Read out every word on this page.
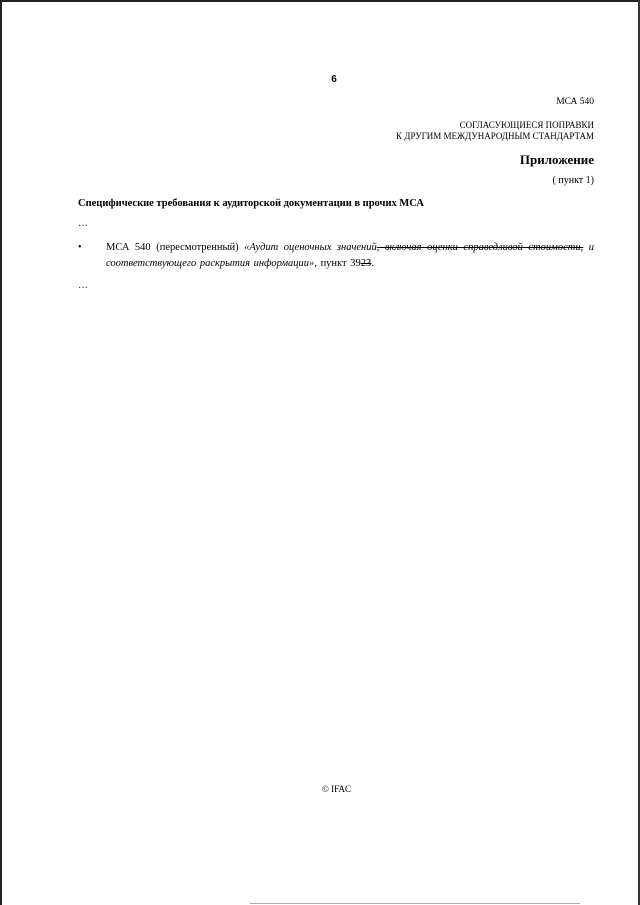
6
МСА 540
СОГЛАСУЮЩИЕСЯ ПОПРАВКИ
К ДРУГИМ МЕЖДУНАРОДНЫМ СТАНДАРТАМ
Приложение
( пункт 1)
Специфические требования к аудиторской документации в прочих МСА
…
• МСА 540 (пересмотренный) «Аудит оценочных значений, включая оценки справедливой стоимости, и соответствующего раскрытия информации», пункт 3923.
…
© IFAC
